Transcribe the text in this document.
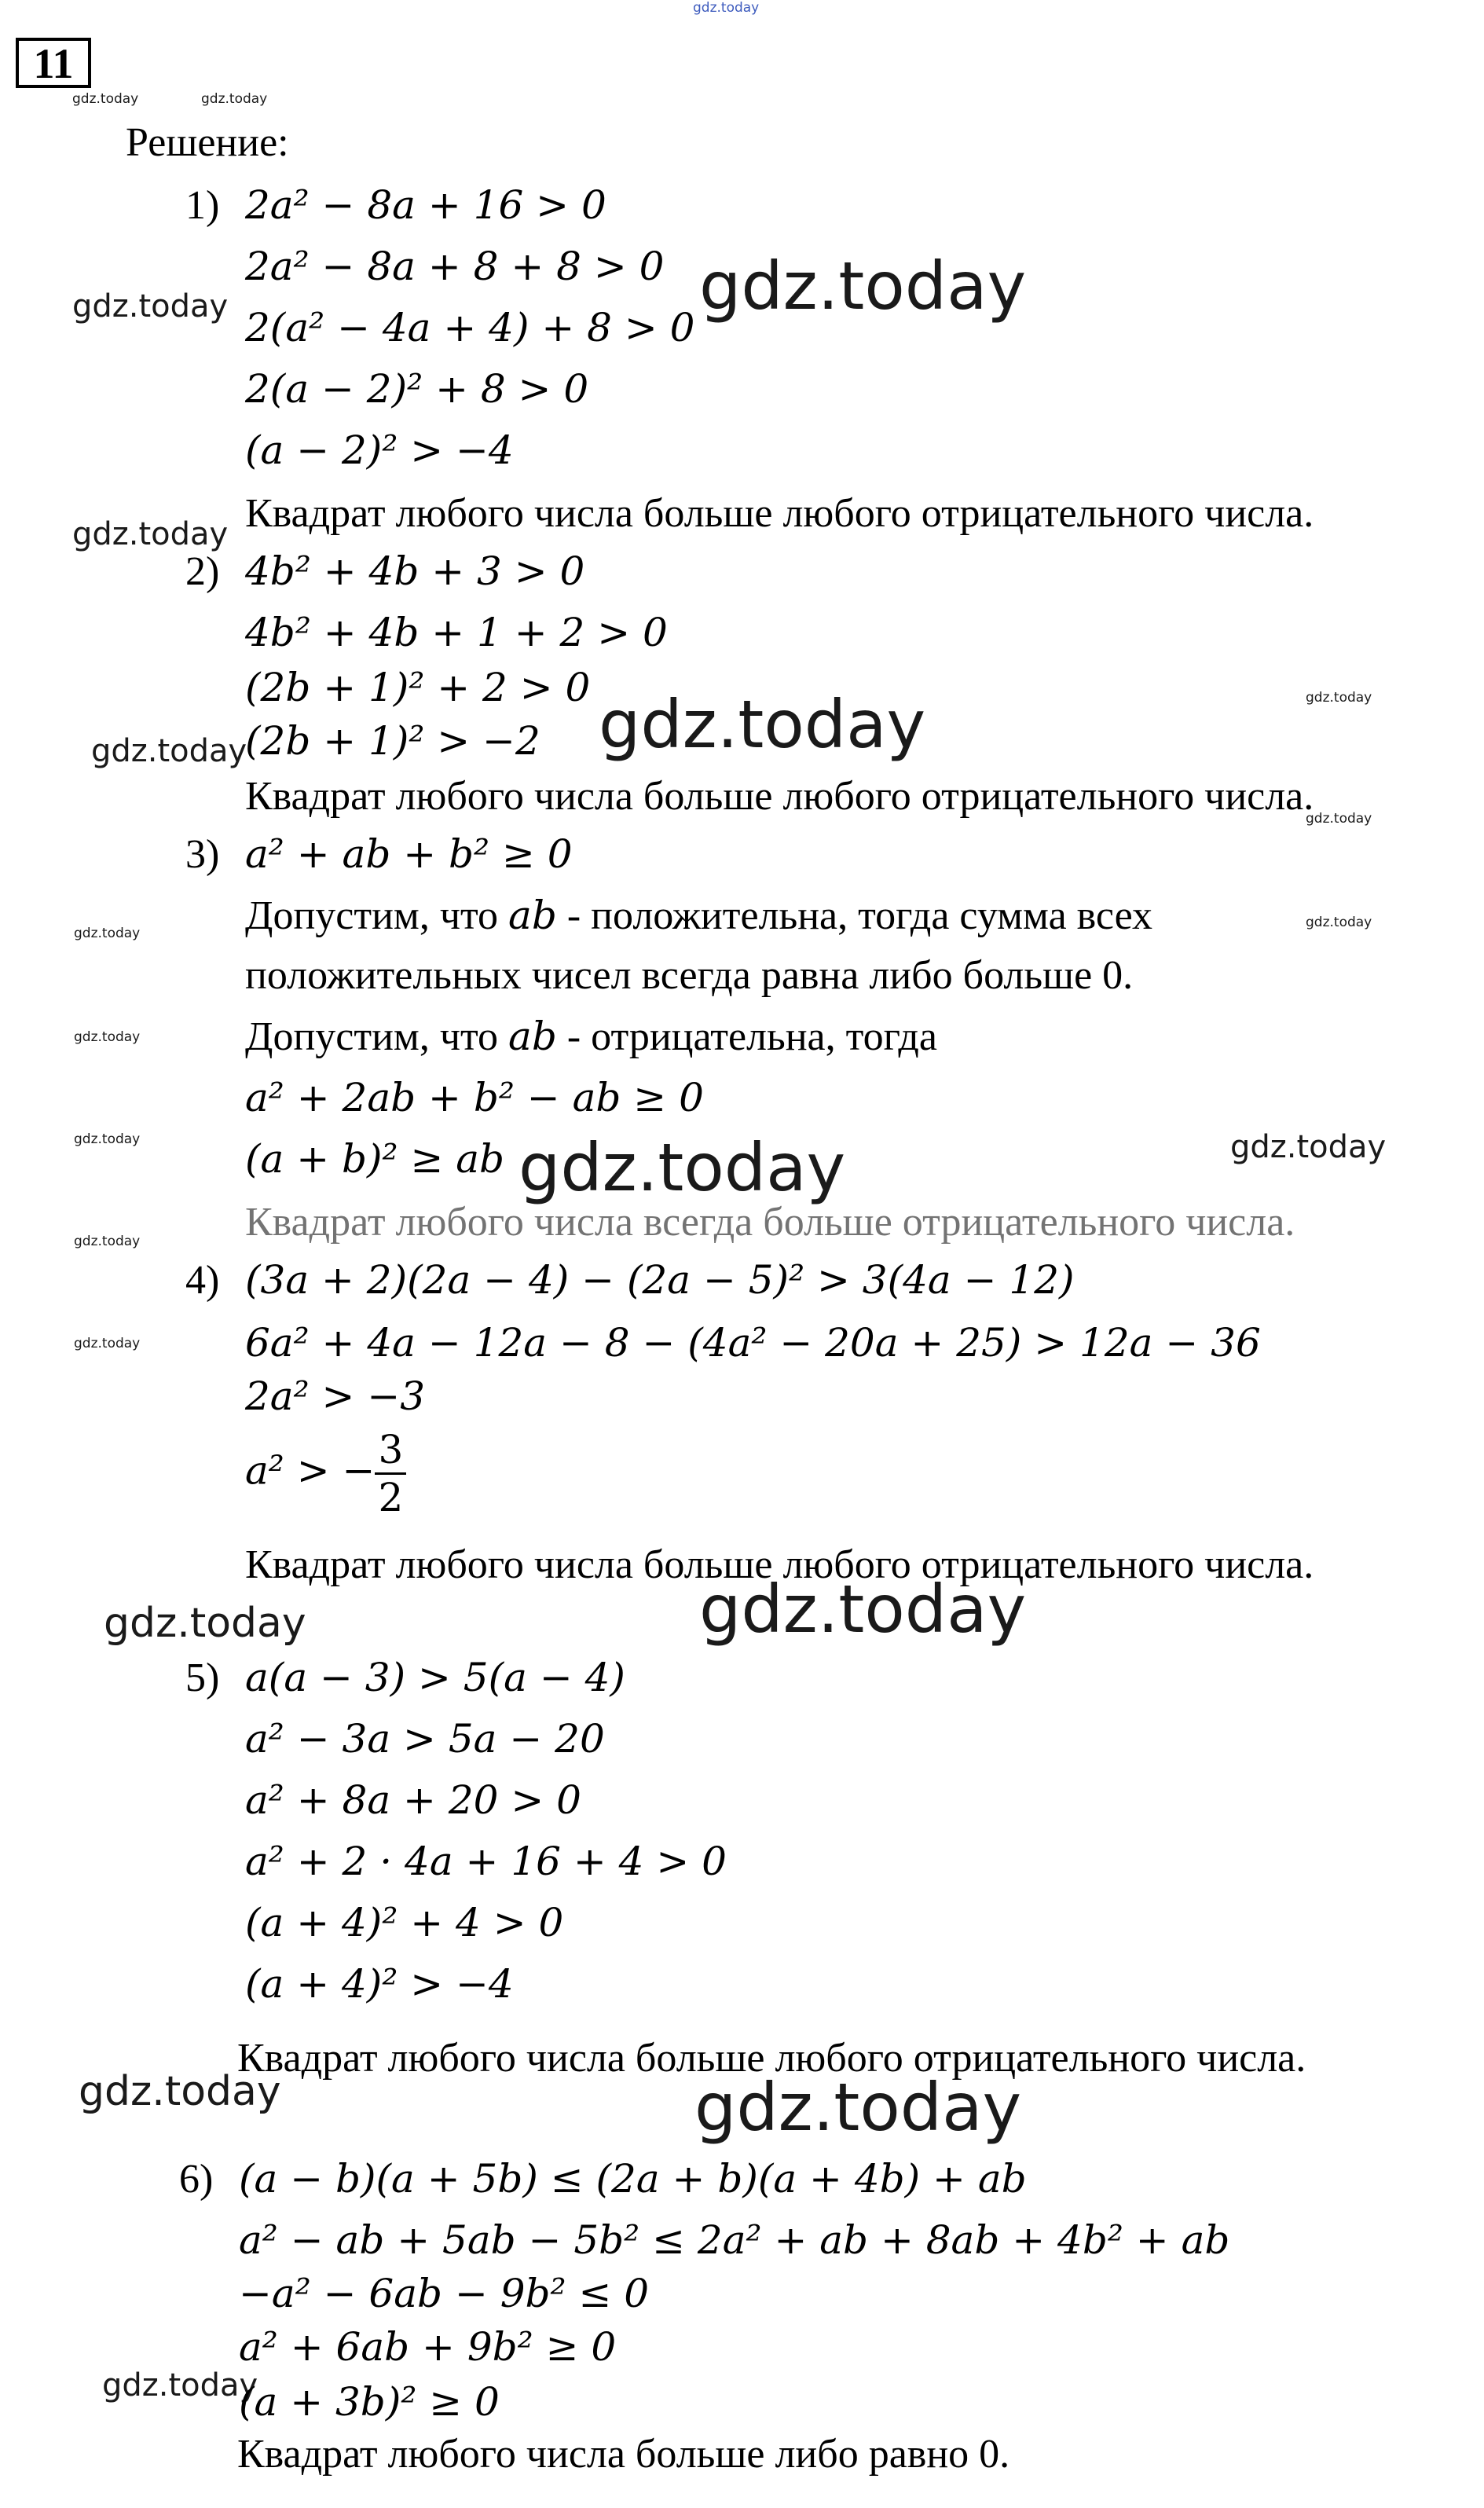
gdz.today
gdz.today	gdz.today
gdz.today	gdz.today
gdz.today
gdz.today
gdz.today
gdz.today
gdz.today
gdz.today
gdz.today
gdz.today
gdz.today	gdz.today
gdz.today
gdz.today
gdz.today
gdz.today	gdz.today
gdz.today	gdz.today
gdz.today
11
Решение:
1) 2a² − 8a + 16 > 0
2a² − 8a + 8 + 8 > 0
2(a² − 4a + 4) + 8 > 0
2(a − 2)² + 8 > 0
(a − 2)² > −4
Квадрат любого числа больше любого отрицательного числа.
2) 4b² + 4b + 3 > 0
4b² + 4b + 1 + 2 > 0
(2b + 1)² + 2 > 0
(2b + 1)² > −2
Квадрат любого числа больше любого отрицательного числа.
3) a² + ab + b² ≥ 0
Допустим, что ab - положительна, тогда сумма всех
положительных чисел всегда равна либо больше 0.
Допустим, что ab - отрицательна, тогда
a² + 2ab + b² − ab ≥ 0
(a + b)² ≥ ab
Квадрат любого числа всегда больше отрицательного числа.
4) (3a + 2)(2a − 4) − (2a − 5)² > 3(4a − 12)
6a² + 4a − 12a − 8 − (4a² − 20a + 25) > 12a − 36
2a² > −3
a² > − $\frac{3}{2}$
Квадрат любого числа больше любого отрицательного числа.
5) a(a − 3) > 5(a − 4)
a² − 3a > 5a − 20
a² + 8a + 20 > 0
a² + 2 · 4a + 16 + 4 > 0
(a + 4)² + 4 > 0
(a + 4)² > −4
Квадрат любого числа больше любого отрицательного числа.
6) (a − b)(a + 5b) ≤ (2a + b)(a + 4b) + ab
a² − ab + 5ab − 5b² ≤ 2a² + ab + 8ab + 4b² + ab
−a² − 6ab − 9b² ≤ 0
a² + 6ab + 9b² ≥ 0
(a + 3b)² ≥ 0
Квадрат любого числа больше либо равно 0.
